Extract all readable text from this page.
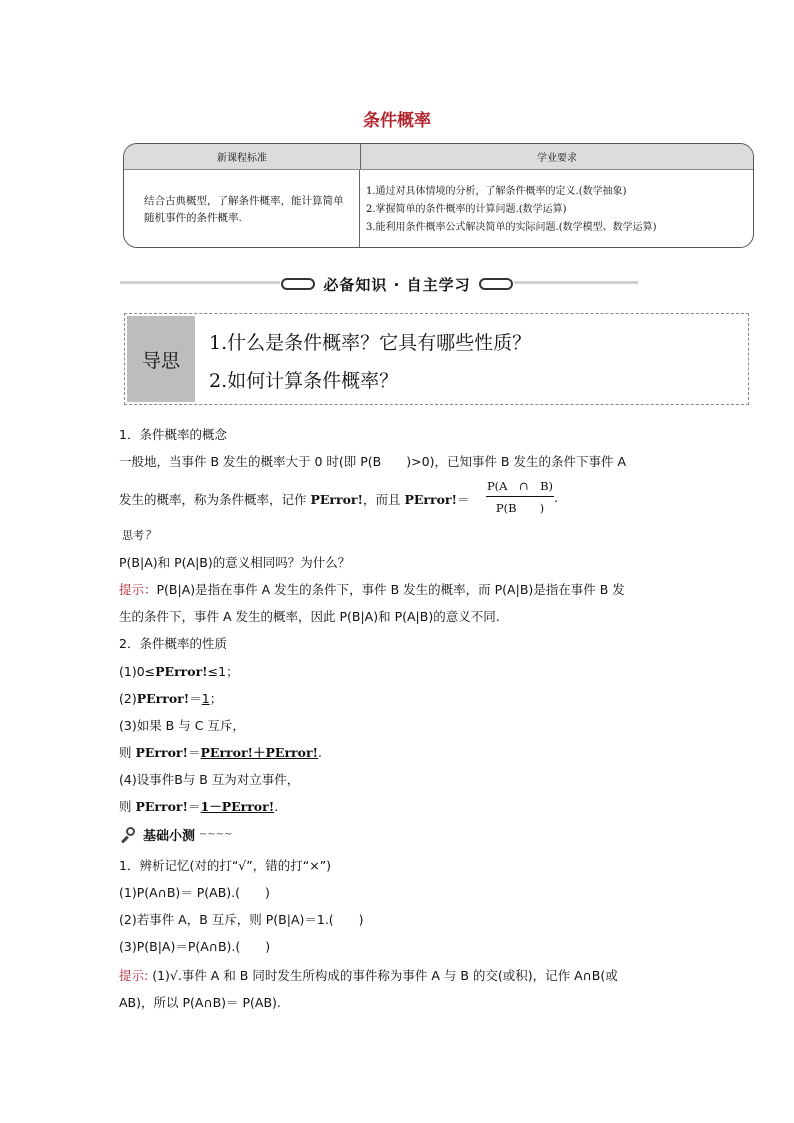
条件概率
新课程标准	学业要求
结合古典概型，了解条件概率，能计算简单
随机事件的条件概率.
1.通过对具体情境的分析，了解条件概率的定义.(数学抽象)
2.掌握简单的条件概率的计算问题.(数学运算)
3.能利用条件概率公式解决简单的实际问题.(数学模型、数学运算)
必备知识 · 自主学习
导思
1.什么是条件概率？它具有哪些性质？
2.如何计算条件概率？
1．条件概率的概念
一般地，当事件 B 发生的概率大于 0 时(即 P(B　　)>0)，已知事件 B 发生的条件下事件 A
发生的概率，称为条件概率，记作 PError!，而且 PError!＝ $\frac{P(A \cap B)}{P(B )}$ .
思考 ?
P(B|A)和 P(A|B)的意义相同吗？为什么？
提示：P(B|A)是指在事件 A 发生的条件下，事件 B 发生的概率，而 P(A|B)是指在事件 B 发
生的条件下，事件 A 发生的概率，因此 P(B|A)和 P(A|B)的意义不同.
2．条件概率的性质
(1)0≤PError!≤1；
(2)PError!＝1；
(3)如果 B 与 C 互斥，
则 PError!＝PError!＋PError!.
(4)设事件B与 B 互为对立事件，
则 PError!＝1－PError!.
基础小测 ~~~~
1．辨析记忆(对的打“√”，错的打“×”)
(1)P(A∩B)＝ P(AB).(　　)
(2)若事件 A，B 互斥，则 P(B|A)＝1.(　　)
(3)P(B|A)＝P(A∩B).(　　)
提示: (1)√.事件 A 和 B 同时发生所构成的事件称为事件 A 与 B 的交(或积)，记作 A∩B(或
AB)，所以 P(A∩B)＝ P(AB).
